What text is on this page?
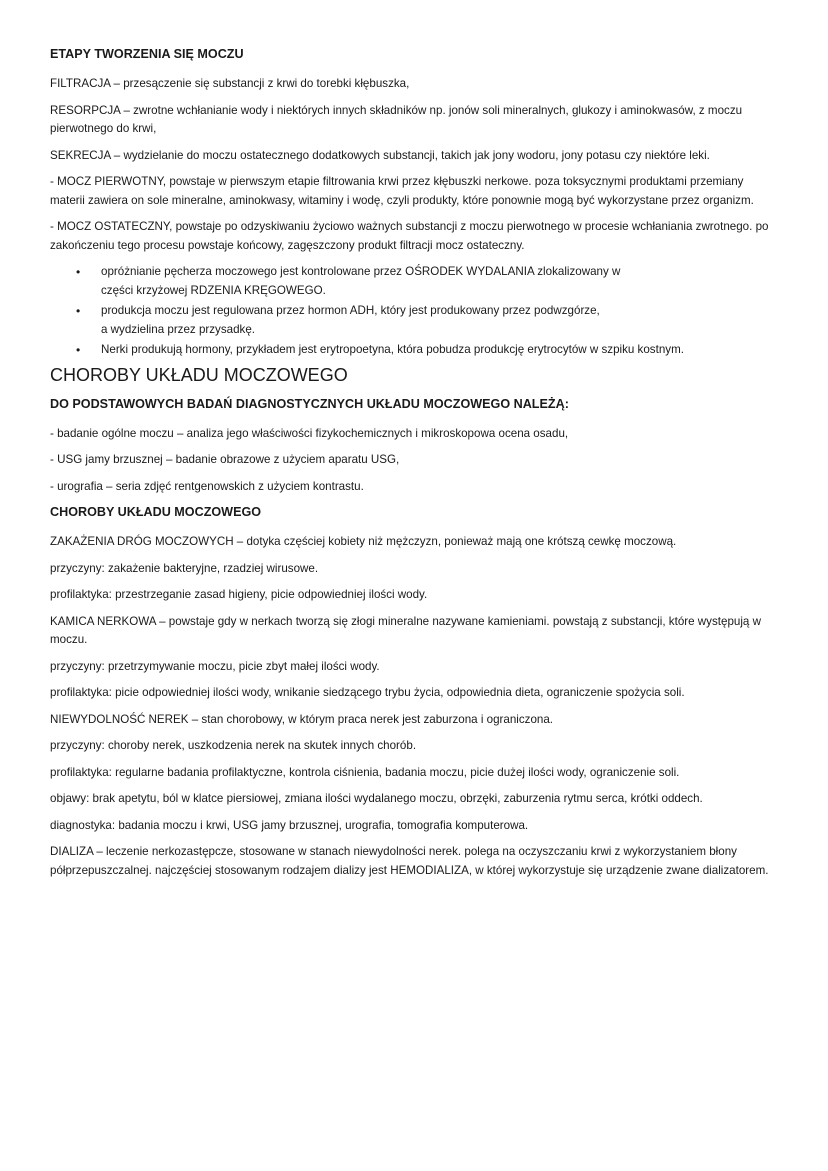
ETAPY TWORZENIA SIĘ MOCZU
FILTRACJA – przesączenie się substancji z krwi do torebki kłębuszka,
RESORPCJA – zwrotne wchłanianie wody i niektórych innych składników np. jonów soli mineralnych, glukozy i aminokwasów, z moczu pierwotnego do krwi,
SEKRECJA – wydzielanie do moczu ostatecznego dodatkowych substancji, takich jak jony wodoru, jony potasu czy niektóre leki.
- MOCZ PIERWOTNY, powstaje w pierwszym etapie filtrowania krwi przez kłębuszki nerkowe. poza toksycznymi produktami przemiany materii zawiera on sole mineralne, aminokwasy, witaminy i wodę, czyli produkty, które ponownie mogą być wykorzystane przez organizm.
- MOCZ OSTATECZNY, powstaje po odzyskiwaniu życiowo ważnych substancji z moczu pierwotnego w procesie wchłaniania zwrotnego. po zakończeniu tego procesu powstaje końcowy, zagęszczony produkt filtracji mocz ostateczny.
• opróżnianie pęcherza moczowego jest kontrolowane przez OŚRODEK WYDALANIA zlokalizowany w
części krzyżowej RDZENIA KRĘGOWEGO.
• produkcja moczu jest regulowana przez hormon ADH, który jest produkowany przez podwzgórze,
a wydzielina przez przysadkę.
• Nerki produkują hormony, przykładem jest erytropoetyna, która pobudza produkcję erytrocytów w szpiku kostnym.
CHOROBY UKŁADU MOCZOWEGO
DO PODSTAWOWYCH BADAŃ DIAGNOSTYCZNYCH UKŁADU MOCZOWEGO NALEŻĄ:
- badanie ogólne moczu – analiza jego właściwości fizykochemicznych i mikroskopowa ocena osadu,
- USG jamy brzusznej – badanie obrazowe z użyciem aparatu USG,
- urografia – seria zdjęć rentgenowskich z użyciem kontrastu.
CHOROBY UKŁADU MOCZOWEGO
ZAKAŻENIA DRÓG MOCZOWYCH – dotyka częściej kobiety niż mężczyzn, ponieważ mają one krótszą cewkę moczową.
przyczyny: zakażenie bakteryjne, rzadziej wirusowe.
profilaktyka: przestrzeganie zasad higieny, picie odpowiedniej ilości wody.
KAMICA NERKOWA – powstaje gdy w nerkach tworzą się złogi mineralne nazywane kamieniami. powstają z substancji, które występują w moczu.
przyczyny: przetrzymywanie moczu, picie zbyt małej ilości wody.
profilaktyka: picie odpowiedniej ilości wody, wnikanie siedzącego trybu życia, odpowiednia dieta, ograniczenie spożycia soli.
NIEWYDOLNOŚĆ NEREK – stan chorobowy, w którym praca nerek jest zaburzona i ograniczona.
przyczyny: choroby nerek, uszkodzenia nerek na skutek innych chorób.
profilaktyka: regularne badania profilaktyczne, kontrola ciśnienia, badania moczu, picie dużej ilości wody, ograniczenie soli.
objawy: brak apetytu, ból w klatce piersiowej, zmiana ilości wydalanego moczu, obrzęki, zaburzenia rytmu serca, krótki oddech.
diagnostyka: badania moczu i krwi, USG jamy brzusznej, urografia, tomografia komputerowa.
DIALIZA – leczenie nerkozastępcze, stosowane w stanach niewydolności nerek. polega na oczyszczaniu krwi z wykorzystaniem błony półprzepuszczalnej. najczęściej stosowanym rodzajem dializy jest HEMODIALIZA, w której wykorzystuje się urządzenie zwane dializatorem.
